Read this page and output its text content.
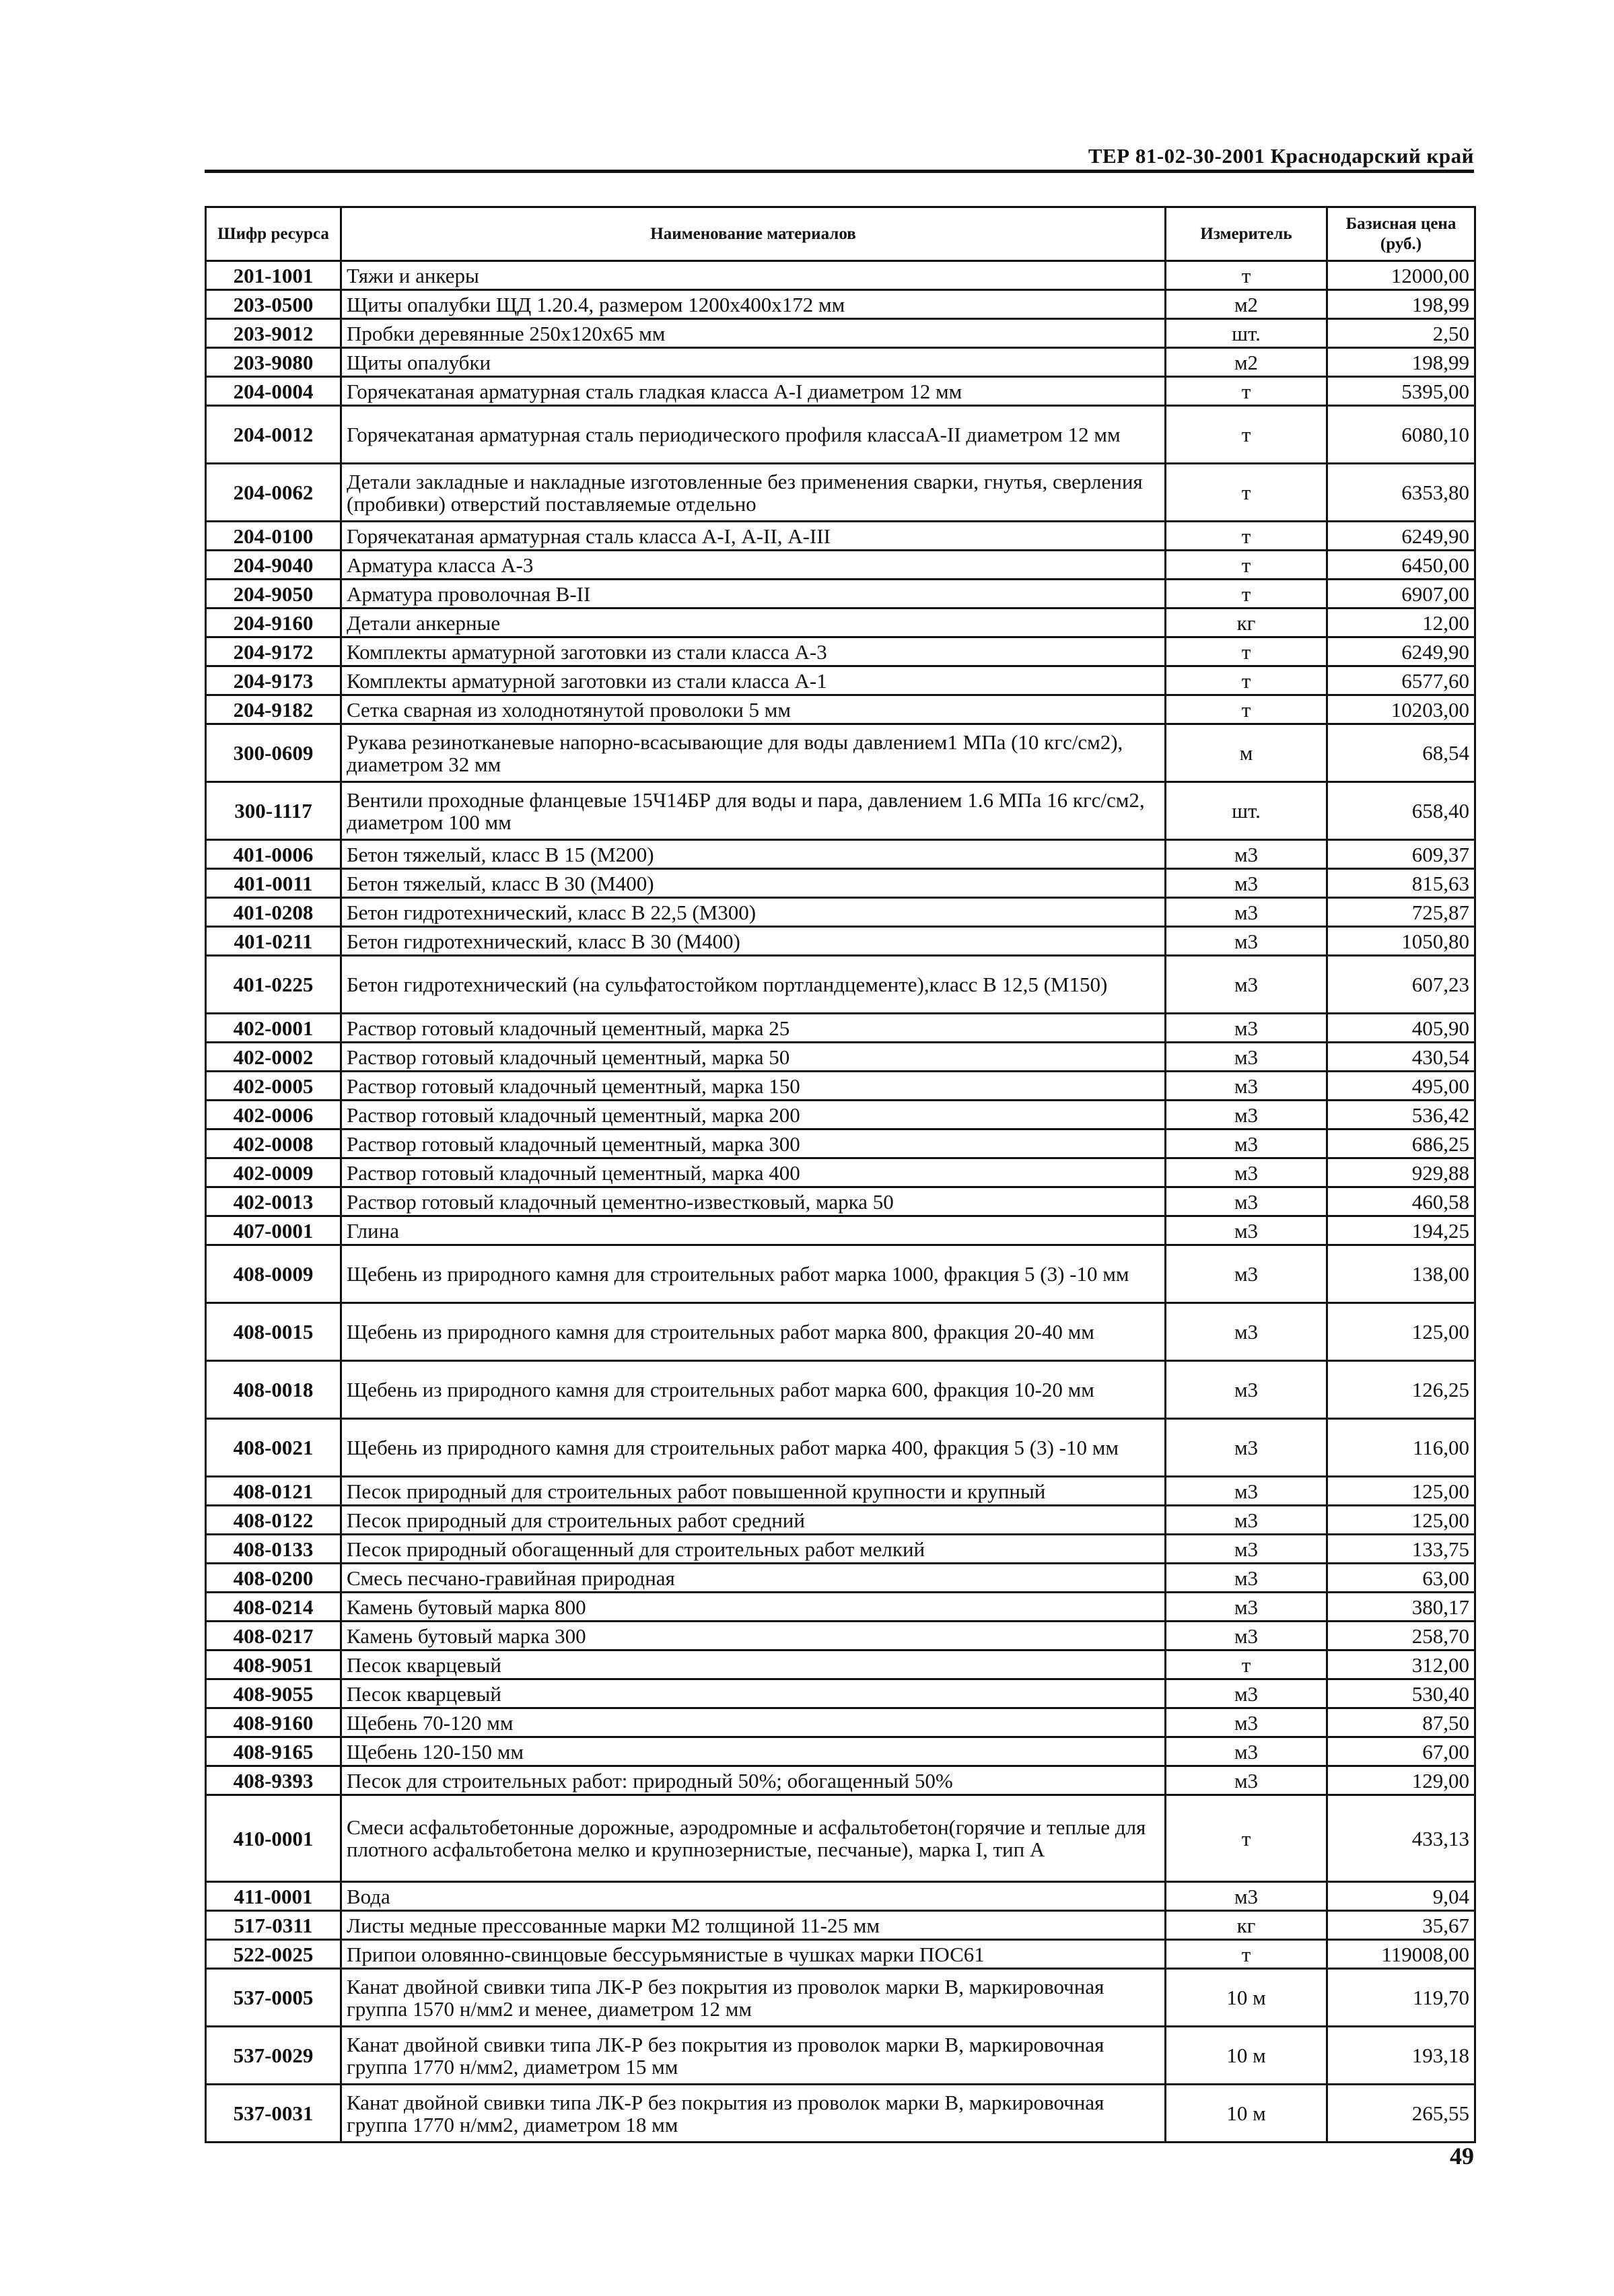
ТЕР 81-02-30-2001 Краснодарский край
Шифр ресурса	Наименование материалов	Измеритель	Базисная цена (руб.)
201-1001	Тяжи и анкеры	т	12000,00
203-0500	Щиты опалубки ЩД 1.20.4, размером 1200х400х172 мм	м2	198,99
203-9012	Пробки деревянные 250х120х65 мм	шт.	2,50
203-9080	Щиты опалубки	м2	198,99
204-0004	Горячекатаная арматурная сталь гладкая класса А-I диаметром 12 мм	т	5395,00
204-0012	Горячекатаная арматурная сталь периодического профиля классаА-II диаметром 12 мм	т	6080,10
204-0062	Детали закладные и накладные изготовленные без применения сварки, гнутья, сверления (пробивки) отверстий поставляемые отдельно	т	6353,80
204-0100	Горячекатаная арматурная сталь класса А-I, А-II, А-III	т	6249,90
204-9040	Арматура класса А-3	т	6450,00
204-9050	Арматура проволочная В-II	т	6907,00
204-9160	Детали анкерные	кг	12,00
204-9172	Комплекты арматурной заготовки из стали класса А-3	т	6249,90
204-9173	Комплекты арматурной заготовки из стали класса А-1	т	6577,60
204-9182	Сетка сварная из холоднотянутой проволоки 5 мм	т	10203,00
300-0609	Рукава резинотканевые напорно-всасывающие для воды давлением1 МПа (10 кгс/см2), диаметром 32 мм	м	68,54
300-1117	Вентили проходные фланцевые 15Ч14БР для воды и пара, давлением 1.6 МПа 16 кгс/см2, диаметром 100 мм	шт.	658,40
401-0006	Бетон тяжелый, класс В 15 (М200)	м3	609,37
401-0011	Бетон тяжелый, класс В 30 (М400)	м3	815,63
401-0208	Бетон гидротехнический, класс В 22,5 (М300)	м3	725,87
401-0211	Бетон гидротехнический, класс В 30 (М400)	м3	1050,80
401-0225	Бетон гидротехнический (на сульфатостойком портландцементе),класс В 12,5 (М150)	м3	607,23
402-0001	Раствор готовый кладочный цементный, марка 25	м3	405,90
402-0002	Раствор готовый кладочный цементный, марка 50	м3	430,54
402-0005	Раствор готовый кладочный цементный, марка 150	м3	495,00
402-0006	Раствор готовый кладочный цементный, марка 200	м3	536,42
402-0008	Раствор готовый кладочный цементный, марка 300	м3	686,25
402-0009	Раствор готовый кладочный цементный, марка 400	м3	929,88
402-0013	Раствор готовый кладочный цементно-известковый, марка 50	м3	460,58
407-0001	Глина	м3	194,25
408-0009	Щебень из природного камня для строительных работ марка 1000, фракция 5 (3) -10 мм	м3	138,00
408-0015	Щебень из природного камня для строительных работ марка 800, фракция 20-40 мм	м3	125,00
408-0018	Щебень из природного камня для строительных работ марка 600, фракция 10-20 мм	м3	126,25
408-0021	Щебень из природного камня для строительных работ марка 400, фракция 5 (3) -10 мм	м3	116,00
408-0121	Песок природный для строительных работ повышенной крупности и крупный	м3	125,00
408-0122	Песок природный для строительных работ средний	м3	125,00
408-0133	Песок природный обогащенный для строительных работ мелкий	м3	133,75
408-0200	Смесь песчано-гравийная природная	м3	63,00
408-0214	Камень бутовый марка 800	м3	380,17
408-0217	Камень бутовый марка 300	м3	258,70
408-9051	Песок кварцевый	т	312,00
408-9055	Песок кварцевый	м3	530,40
408-9160	Щебень 70-120 мм	м3	87,50
408-9165	Щебень 120-150 мм	м3	67,00
408-9393	Песок для строительных работ: природный 50%; обогащенный 50%	м3	129,00
410-0001	Смеси асфальтобетонные дорожные, аэродромные и асфальтобетон(горячие и теплые для плотного асфальтобетона мелко и крупнозернистые, песчаные), марка I, тип А	т	433,13
411-0001	Вода	м3	9,04
517-0311	Листы медные прессованные марки М2 толщиной 11-25 мм	кг	35,67
522-0025	Припои оловянно-свинцовые бессурьмянистые в чушках марки ПОС61	т	119008,00
537-0005	Канат двойной свивки типа ЛК-Р без покрытия из проволок марки В, маркировочная группа 1570 н/мм2 и менее, диаметром 12 мм	10 м	119,70
537-0029	Канат двойной свивки типа ЛК-Р без покрытия из проволок марки В, маркировочная группа 1770 н/мм2, диаметром 15 мм	10 м	193,18
537-0031	Канат двойной свивки типа ЛК-Р без покрытия из проволок марки В, маркировочная группа 1770 н/мм2, диаметром 18 мм	10 м	265,55
49
